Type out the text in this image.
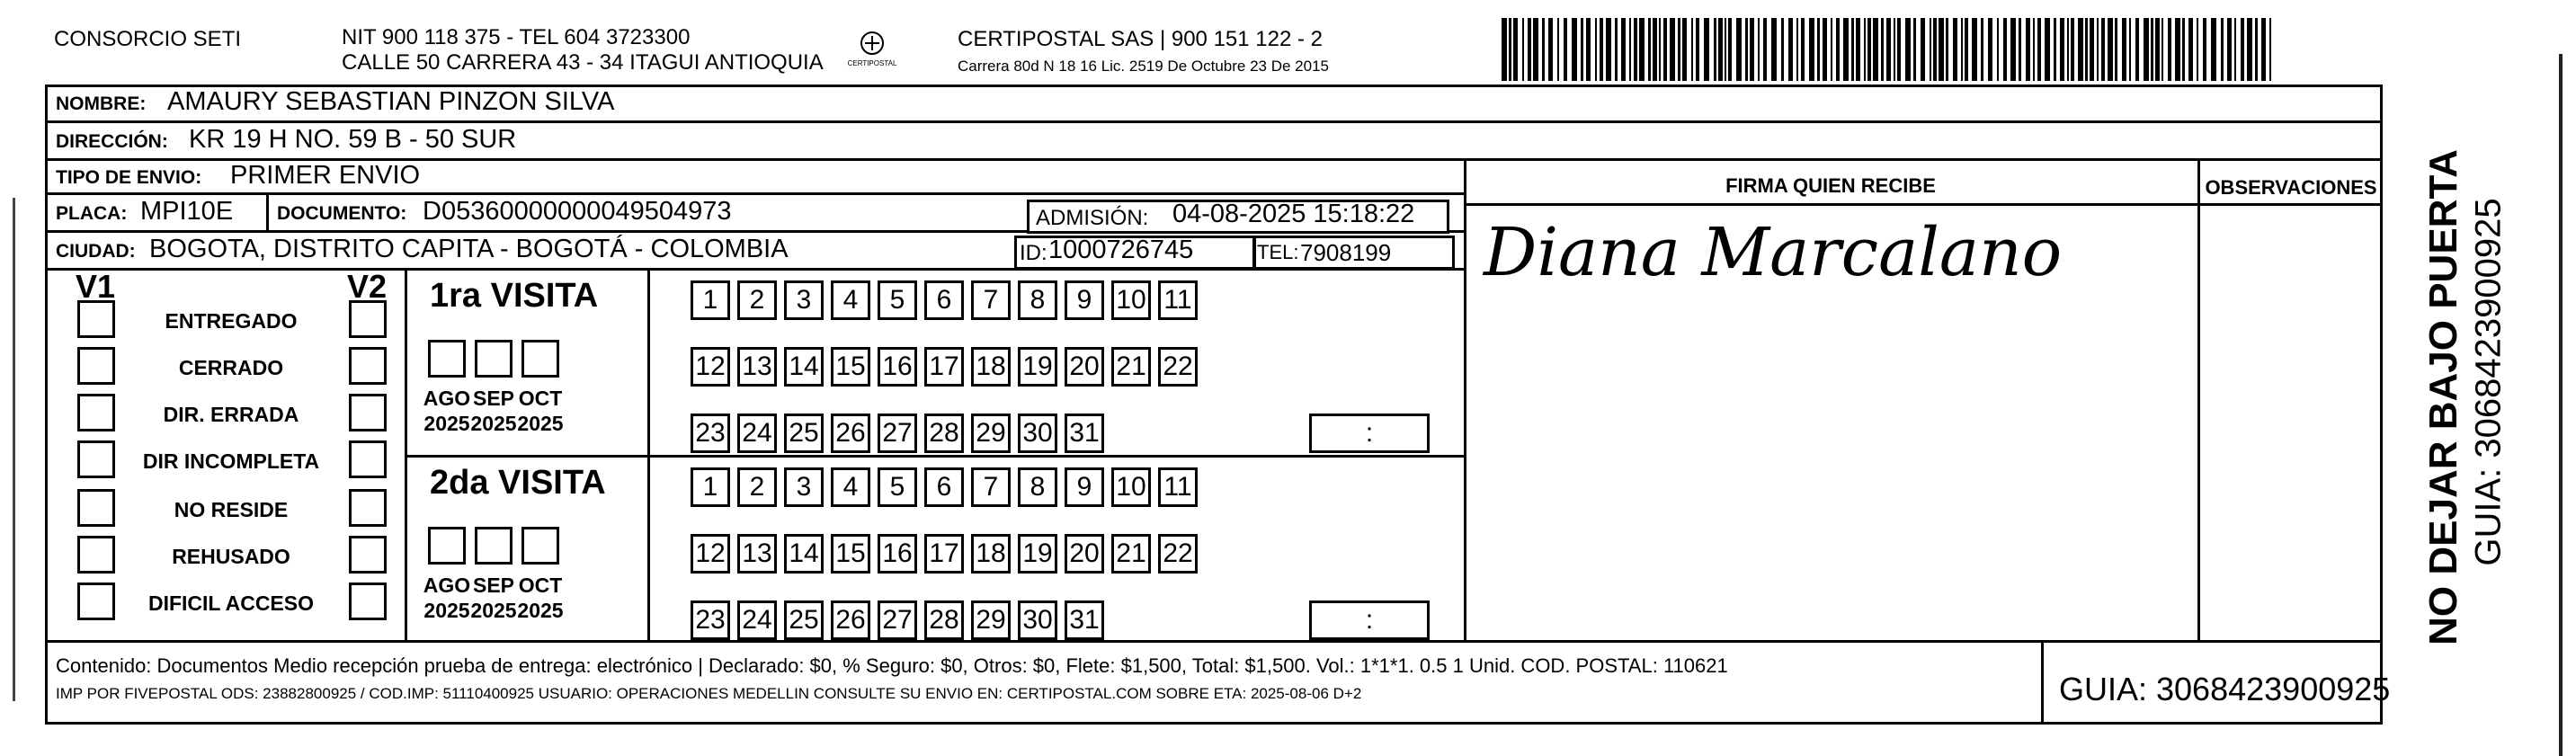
CONSORCIO SETI	NIT 900 118 375 - TEL 604 3723300
CALLE 50 CARRERA 43 - 34 ITAGUI ANTIOQUIA	CERTIPOSTAL
CERTIPOSTAL SAS | 900 151 122 - 2
Carrera 80d N 18 16 Lic. 2519 De Octubre 23 De 2015
NOMBRE: AMAURY SEBASTIAN PINZON SILVA
DIRECCIÓN: KR 19 H NO. 59 B - 50 SUR
TIPO DE ENVIO: PRIMER ENVIO
PLACA: MPI10E DOCUMENTO: D05360000000049504973	ADMISIÓN: 04-08-2025 15:18:22
CIUDAD: BOGOTA, DISTRITO CAPITA - BOGOTÁ - COLOMBIA	ID: 1000726745	TEL: 7908199
FIRMA QUIEN RECIBE	OBSERVACIONES
Diana Marcalano
V1	V2
ENTREGADO
CERRADO
DIR. ERRADA
DIR INCOMPLETA
NO RESIDE
REHUSADO
DIFICIL ACCESO
1ra VISITA
AGO
2025
SEP
2025
OCT
2025
1	2	3	4	5	6	7	8	9 10 11
12 13 14 15 16 17 18 19 20 21 22
23 24 25 26 27 28 29 30 31	:
2da VISITA
AGO
2025
SEP
2025
OCT
2025
1	2	3	4	5	6	7	8	9 10 11
12 13 14 15 16 17 18 19 20 21 22
23 24 25 26 27 28 29 30 31	:
Contenido: Documentos Medio recepción prueba de entrega: electrónico | Declarado: $0, % Seguro: $0, Otros: $0, Flete: $1,500, Total: $1,500. Vol.: 1*1*1. 0.5 1 Unid. COD. POSTAL: 110621
IMP POR FIVEPOSTAL ODS: 23882800925 / COD.IMP: 51110400925 USUARIO: OPERACIONES MEDELLIN CONSULTE SU ENVIO EN: CERTIPOSTAL.COM SOBRE ETA: 2025-08-06 D+2	GUIA: 3068423900925
NO DEJAR BAJO PUERTA GUIA: 3068423900925
